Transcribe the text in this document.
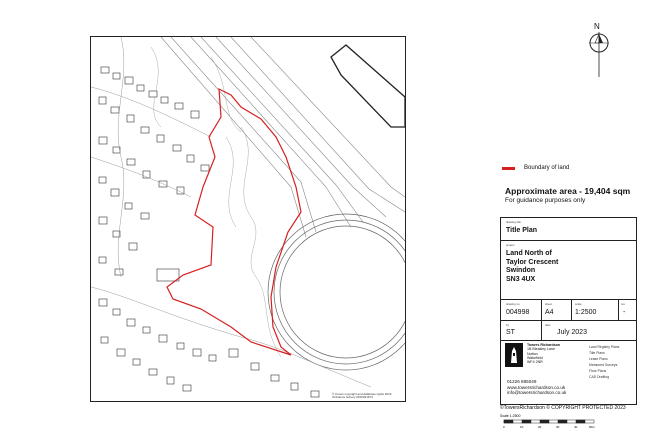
© Crown copyright and database rights 2023
Ordnance Survey 0100031673
N
Boundary of land
Approximate area - 19,404 sqm
For guidance purposes only
drawing title
Title Plan
project
Land North of
Taylor Crescent
Swindon
SN3 4UX
drawing no
004998
sheet
A4
scale
1:2500
rev
-
by
ST
date
July 2023
Towers Richardson
1B Bleakley Lane
Notton
Wakefield
WF4 2NR
Land Registry Plans
Title Plans
Lease Plans
Measured Surveys
Floor Plans
CAD Drafting
01226 885049
www.towersrichardson.co.uk
info@towersrichardson.co.uk
©TowersRichardson © COPYRIGHT PROTECTED 2023
Scale 1:2500
0	10	20	30	40	50m
